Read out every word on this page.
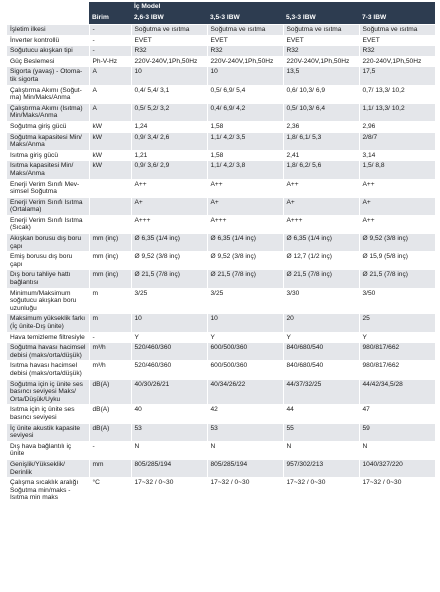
		İç Model			
	Birim	2,6-3 IBW	3,5-3 IBW	5,3-3 IBW	7-3 IBW
İşletim ilkesi	-	Soğutma ve ısıtma	Soğutma ve ısıtma	Soğutma ve ısıtma	Soğutma ve ısıtma
İnverter kontrollü	-	EVET	EVET	EVET	EVET
Soğutucu akışkan tipi	-	R32	R32	R32	R32
Güç Beslemesi	Ph-V-Hz	220V-240V,1Ph,50Hz	220V-240V,1Ph,50Hz	220V-240V,1Ph,50Hz	220-240V,1Ph,50Hz
Sigorta (yavaş) - Otoma-tik sigorta	A	10	10	13,5	17,5
Çalıştırma Akımı (Soğut-ma) Min/Maks/Anma	A	0,4/ 5,4/ 3,1	0,5/ 6,9/ 5,4	0,6/ 10,3/ 6,9	0,7/ 13,3/ 10,2
Çalıştırma Akımı (Isıtma) Min/Maks/Anma	A	0,5/ 5,2/ 3,2	0,4/ 6,9/ 4,2	0,5/ 10,3/ 6,4	1,1/ 13,3/ 10,2
Soğutma giriş gücü	kW	1,24	1,58	2,36	2,96
Soğutma kapasitesi Min/ Maks/Anma	kW	0,9/ 3,4/ 2,6	1,1/ 4,2/ 3,5	1,8/ 6,1/ 5,3	2/8/7
Isıtma giriş gücü	kW	1,21	1,58	2,41	3,14
Isıtma kapasitesi Min/ Maks/Anma	kW	0,9/ 3,6/ 2,9	1,1/ 4,2/ 3,8	1,8/ 6,2/ 5,6	1,5/ 8,8
Enerji Verim Sınıfı Mev-simsel Soğutma		A++	A++	A++	A++
Enerji Verim Sınıfı Isıtma (Ortalama)		A+	A+	A+	A+
Enerji Verim Sınıfı Isıtma (Sıcak)		A+++	A+++	A+++	A++
Akışkan borusu dış boru çapı	mm (inç)	Ø 6,35 (1/4 inç)	Ø 6,35 (1/4 inç)	Ø 6,35 (1/4 inç)	Ø 9,52 (3/8 inç)
Emiş borusu dış boru çapı	mm (inç)	Ø 9,52 (3/8 inç)	Ø 9,52 (3/8 inç)	Ø 12,7 (1/2 inç)	Ø 15,9 (5/8 inç)
Dış boru tahliye hattı bağlantısı	mm (inç)	Ø 21,5 (7/8 inç)	Ø 21,5 (7/8 inç)	Ø 21,5 (7/8 inç)	Ø 21,5 (7/8 inç)
Minimum/Maksimum soğutucu akışkan boru uzunluğu	m	3/25	3/25	3/30	3/50
Maksimum yükseklik farkı (İç ünite-Dış ünite)	m	10	10	20	25
Hava temizleme filtresiyle	-	Y	Y	Y	Y
Soğutma havası hacimsel debisi (maks/orta/düşük)	m³/h	520/460/360	600/500/360	840/680/540	980/817/662
Isıtma havası hacimsel debisi (maks/orta/düşük)	m³/h	520/460/360	600/500/360	840/680/540	980/817/662
Soğutma için iç ünite ses basıncı seviyesi Maks/ Orta/Düşük/Uyku	dB(A)	40/30/26/21	40/34/26/22	44/37/32/25	44/42/34,5/28
Isıtma için iç ünite ses basıncı seviyesi	dB(A)	40	42	44	47
İç ünite akustik kapasite seviyesi	dB(A)	53	53	55	59
Dış hava bağlantılı iç ünite	-	N	N	N	N
Genişlik/Yükseklik/ Derinlik	mm	805/285/194	805/285/194	957/302/213	1040/327/220
Çalışma sıcaklık aralığı Soğutma min/maks - Isıtma min maks	°C	17~32 / 0~30	17~32 / 0~30	17~32 / 0~30	17~32 / 0~30
